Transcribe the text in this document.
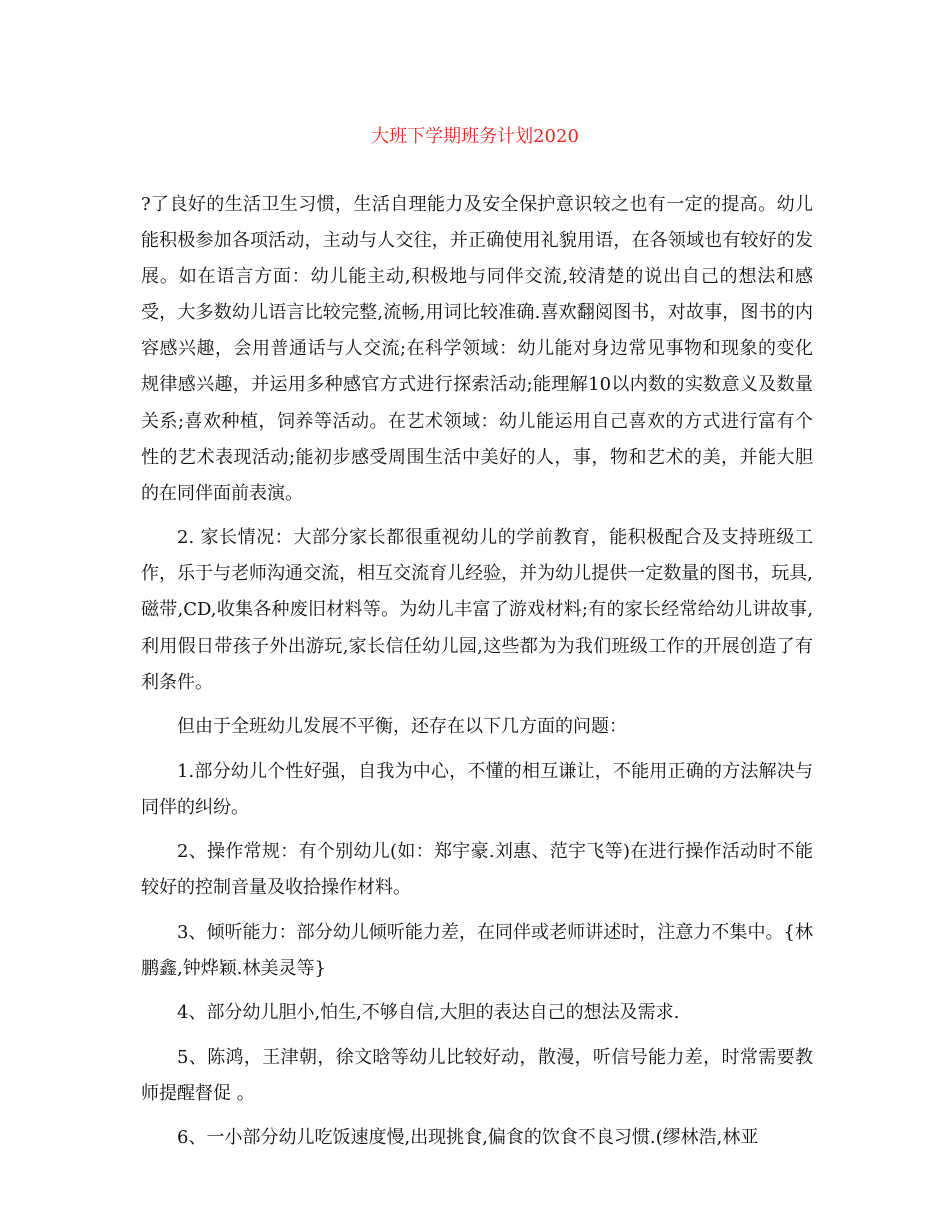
大班下学期班务计划2020

?了良好的生活卫生习惯，生活自理能力及安全保护意识较之也有一定的提高。幼儿能积极参加各项活动，主动与人交往，并正确使用礼貌用语，在各领域也有较好的发展。如在语言方面：幼儿能主动,积极地与同伴交流,较清楚的说出自己的想法和感受，大多数幼儿语言比较完整,流畅,用词比较准确.喜欢翻阅图书，对故事，图书的内容感兴趣，会用普通话与人交流;在科学领域：幼儿能对身边常见事物和现象的变化规律感兴趣，并运用多种感官方式进行探索活动;能理解10以内数的实数意义及数量关系;喜欢种植，饲养等活动。在艺术领域：幼儿能运用自己喜欢的方式进行富有个性的艺术表现活动;能初步感受周围生活中美好的人，事，物和艺术的美，并能大胆的在同伴面前表演。

2. 家长情况：大部分家长都很重视幼儿的学前教育，能积极配合及支持班级工作，乐于与老师沟通交流，相互交流育儿经验，并为幼儿提供一定数量的图书，玩具,磁带,CD,收集各种废旧材料等。为幼儿丰富了游戏材料;有的家长经常给幼儿讲故事,利用假日带孩子外出游玩,家长信任幼儿园,这些都为为我们班级工作的开展创造了有利条件。

但由于全班幼儿发展不平衡，还存在以下几方面的问题：

1.部分幼儿个性好强，自我为中心，不懂的相互谦让，不能用正确的方法解决与同伴的纠纷。

2、操作常规：有个别幼儿(如：郑宇豪.刘惠、范宇飞等)在进行操作活动时不能较好的控制音量及收拾操作材料。

3、倾听能力：部分幼儿倾听能力差，在同伴或老师讲述时，注意力不集中。{林鹏鑫,钟烨颖.林美灵等}

4、部分幼儿胆小,怕生,不够自信,大胆的表达自己的想法及需求.

5、陈鸿，王津朝，徐文晗等幼儿比较好动，散漫，听信号能力差，时常需要教师提醒督促 。

6、一小部分幼儿吃饭速度慢,出现挑食,偏食的饮食不良习惯.(缪林浩,林亚
